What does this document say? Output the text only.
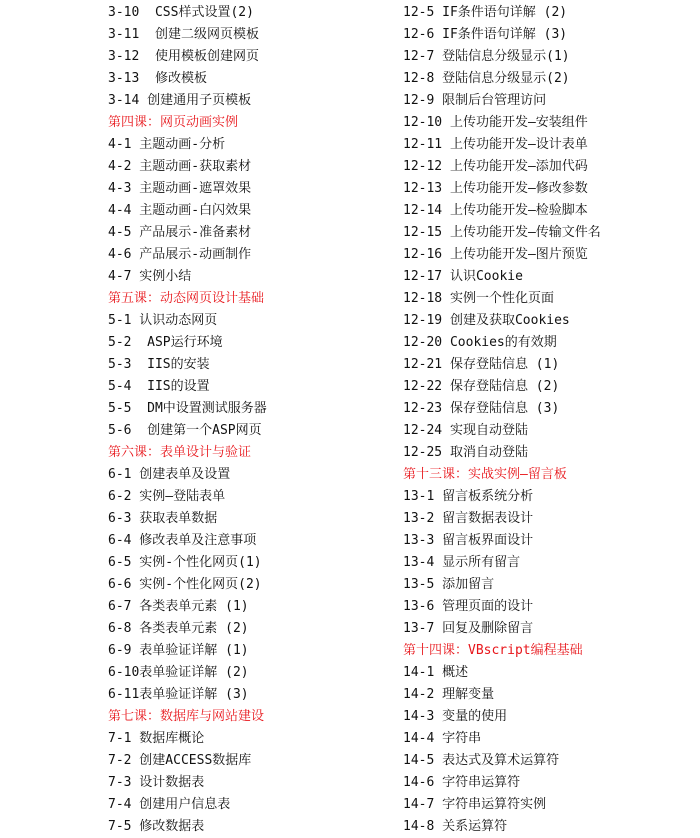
3-10  CSS样式设置(2)
3-11  创建二级网页模板
3-12  使用模板创建网页
3-13  修改模板
3-14 创建通用子页模板
第四课：网页动画实例
4-1 主题动画-分析
4-2 主题动画-获取素材
4-3 主题动画-遮罩效果
4-4 主题动画-白闪效果
4-5 产品展示-准备素材
4-6 产品展示-动画制作
4-7 实例小结
第五课：动态网页设计基础
5-1 认识动态网页
5-2  ASP运行环境
5-3  IIS的安装
5-4  IIS的设置
5-5  DM中设置测试服务器
5-6  创建第一个ASP网页
第六课：表单设计与验证
6-1 创建表单及设置
6-2 实例—登陆表单
6-3 获取表单数据
6-4 修改表单及注意事项
6-5 实例-个性化网页(1)
6-6 实例-个性化网页(2)
6-7 各类表单元素 (1)
6-8 各类表单元素 (2)
6-9 表单验证详解 (1)
6-10表单验证详解 (2)
6-11表单验证详解 (3)
第七课：数据库与网站建设
7-1 数据库概论
7-2 创建ACCESS数据库
7-3 设计数据表
7-4 创建用户信息表
7-5 修改数据表
12-5 IF条件语句详解 (2)
12-6 IF条件语句详解 (3)
12-7 登陆信息分级显示(1)
12-8 登陆信息分级显示(2)
12-9 限制后台管理访问
12-10 上传功能开发—安装组件
12-11 上传功能开发—设计表单
12-12 上传功能开发—添加代码
12-13 上传功能开发—修改参数
12-14 上传功能开发—检验脚本
12-15 上传功能开发—传输文件名
12-16 上传功能开发—图片预览
12-17 认识Cookie
12-18 实例一个性化页面
12-19 创建及获取Cookies
12-20 Cookies的有效期
12-21 保存登陆信息 (1)
12-22 保存登陆信息 (2)
12-23 保存登陆信息 (3)
12-24 实现自动登陆
12-25 取消自动登陆
第十三课：实战实例—留言板
13-1 留言板系统分析
13-2 留言数据表设计
13-3 留言板界面设计
13-4 显示所有留言
13-5 添加留言
13-6 管理页面的设计
13-7 回复及删除留言
第十四课：VBscript编程基础
14-1 概述
14-2 理解变量
14-3 变量的使用
14-4 字符串
14-5 表达式及算术运算符
14-6 字符串运算符
14-7 字符串运算符实例
14-8 关系运算符
